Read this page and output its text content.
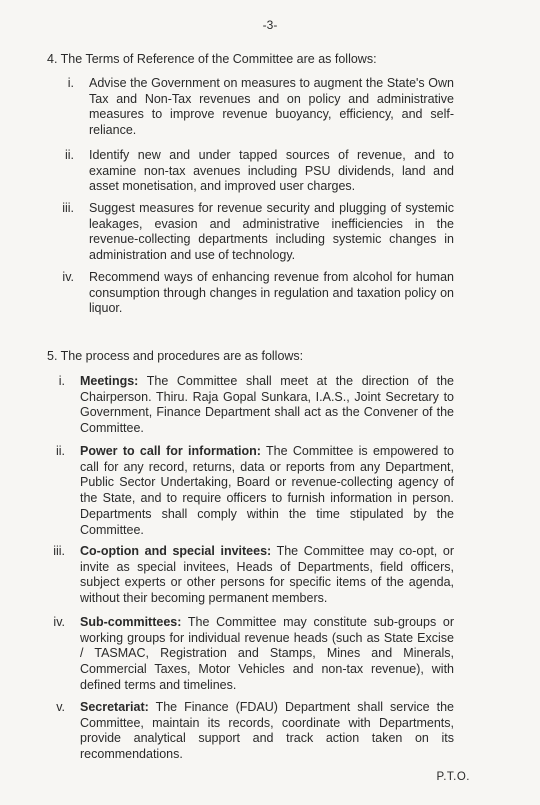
-3-
4. The Terms of Reference of the Committee are as follows:
i. Advise the Government on measures to augment the State's Own Tax and Non-Tax revenues and on policy and administrative measures to improve revenue buoyancy, efficiency, and self-reliance.
ii. Identify new and under tapped sources of revenue, and to examine non-tax avenues including PSU dividends, land and asset monetisation, and improved user charges.
iii. Suggest measures for revenue security and plugging of systemic leakages, evasion and administrative inefficiencies in the revenue-collecting departments including systemic changes in administration and use of technology.
iv. Recommend ways of enhancing revenue from alcohol for human consumption through changes in regulation and taxation policy on liquor.
5. The process and procedures are as follows:
i. Meetings: The Committee shall meet at the direction of the Chairperson. Thiru. Raja Gopal Sunkara, I.A.S., Joint Secretary to Government, Finance Department shall act as the Convener of the Committee.
ii. Power to call for information: The Committee is empowered to call for any record, returns, data or reports from any Department, Public Sector Undertaking, Board or revenue-collecting agency of the State, and to require officers to furnish information in person. Departments shall comply within the time stipulated by the Committee.
iii. Co-option and special invitees: The Committee may co-opt, or invite as special invitees, Heads of Departments, field officers, subject experts or other persons for specific items of the agenda, without their becoming permanent members.
iv. Sub-committees: The Committee may constitute sub-groups or working groups for individual revenue heads (such as State Excise / TASMAC, Registration and Stamps, Mines and Minerals, Commercial Taxes, Motor Vehicles and non-tax revenue), with defined terms and timelines.
v. Secretariat: The Finance (FDAU) Department shall service the Committee, maintain its records, coordinate with Departments, provide analytical support and track action taken on its recommendations.
P.T.O.
